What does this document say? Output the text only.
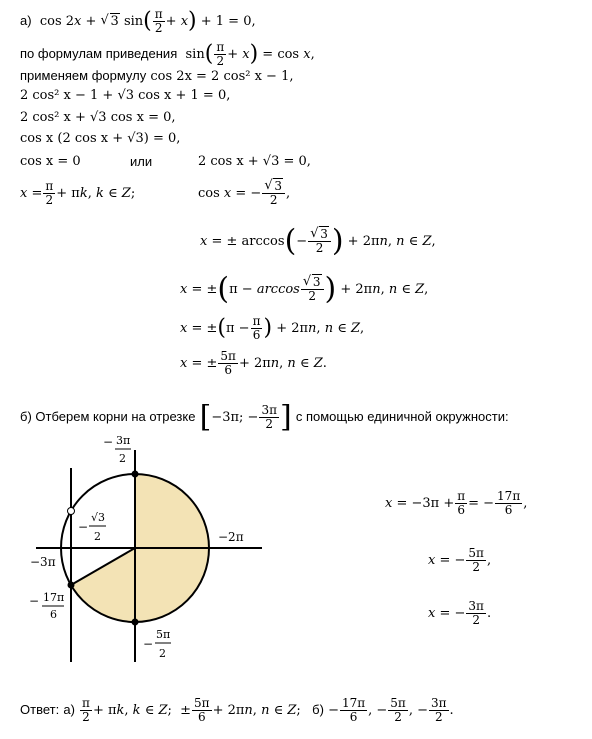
а)  cos 2x + √ 3 $\sin( \frac{\pi}{2} + x) + 1 = 0$,
по формулам приведения  $\sin( \frac{\pi}{2} + x) = \cos x$,
применяем формулу cos 2x = 2 cos² x − 1,
2 cos² x − 1 + √3 cos x + 1 = 0,
2 cos² x + √3 cos x = 0,
cos x (2 cos x + √3) = 0,
cos x = 0	или	2 cos x + √3 = 0,
$x = \frac{\pi}{2} + \pi k$, k ∈ Z;	cos x = − √ $\frac{3}{2}$ ,
x = ± arccos(− √ $\frac{3}{2}$ ) + 2πn, n ∈ Z,
x = ±(π − arccos √ $\frac{3}{2}$ ) + 2πn, n ∈ Z,
$x = \pm(\pi - \frac{\pi}{6}$ ) + 2πn, n ∈ Z,
x = ± $\frac{5\pi}{6} + 2\pi n$, n ∈ Z.
б) Отберем корни на отрезке [−3π; − $\frac{3\pi}{2}$ ] с помощью единичной окружности:
− 3π
2
−
√3
2
−3π
−2π
− 17π
6
−
5π
2
$x = -3\pi + \frac{\pi}{6}$ = − $\frac{17\pi}{6}$ ,
x = − $\frac{5\pi}{2}$ ,
x = − $\frac{3\pi}{2}$ .
Ответ: $а) \frac{\pi}{2} + \pi k$, k ∈ Z;  ± $\frac{5\pi}{6} + 2\pi n$, n ∈ Z; $б) - \frac{17\pi}{6}$ , − $\frac{5\pi}{2}$ , − $\frac{3\pi}{2}$ .
